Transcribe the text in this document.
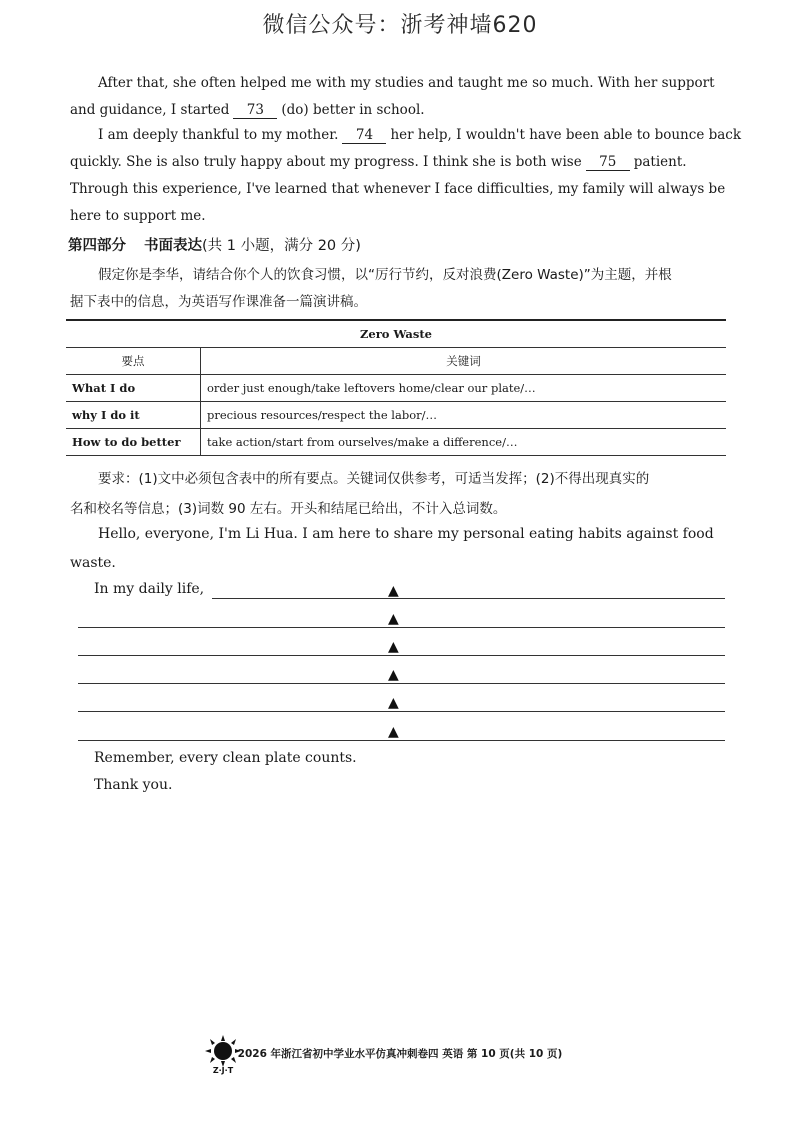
微信公众号：浙考神墙620
After that, she often helped me with my studies and taught me so much. With her support
and guidance, I started 73 (do) better in school.
I am deeply thankful to my mother. 74 her help, I wouldn't have been able to bounce back
quickly. She is also truly happy about my progress. I think she is both wise 75 patient.
Through this experience, I've learned that whenever I face difficulties, my family will always be
here to support me.
第四部分 书面表达(共 1 小题，满分 20 分)
假定你是李华，请结合你个人的饮食习惯，以“厉行节约，反对浪费(Zero Waste)”为主题，并根
据下表中的信息，为英语写作课准备一篇演讲稿。
Zero Waste	
要点	关键词
What I do	order just enough/take leftovers home/clear our plate/…
why I do it	precious resources/respect the labor/…
How to do better	take action/start from ourselves/make a difference/…
要求：(1)文中必须包含表中的所有要点。关键词仅供参考，可适当发挥；(2)不得出现真实的
名和校名等信息；(3)词数 90 左右。开头和结尾已给出，不计入总词数。
Hello, everyone, I'm Li Hua. I am here to share my personal eating habits against food
waste.
In my daily life,	▲
▲
▲
▲
▲
▲
Remember, every clean plate counts.
Thank you.
Z·J·T
2026 年浙江省初中学业水平仿真冲刺卷四 英语 第 10 页(共 10 页)
